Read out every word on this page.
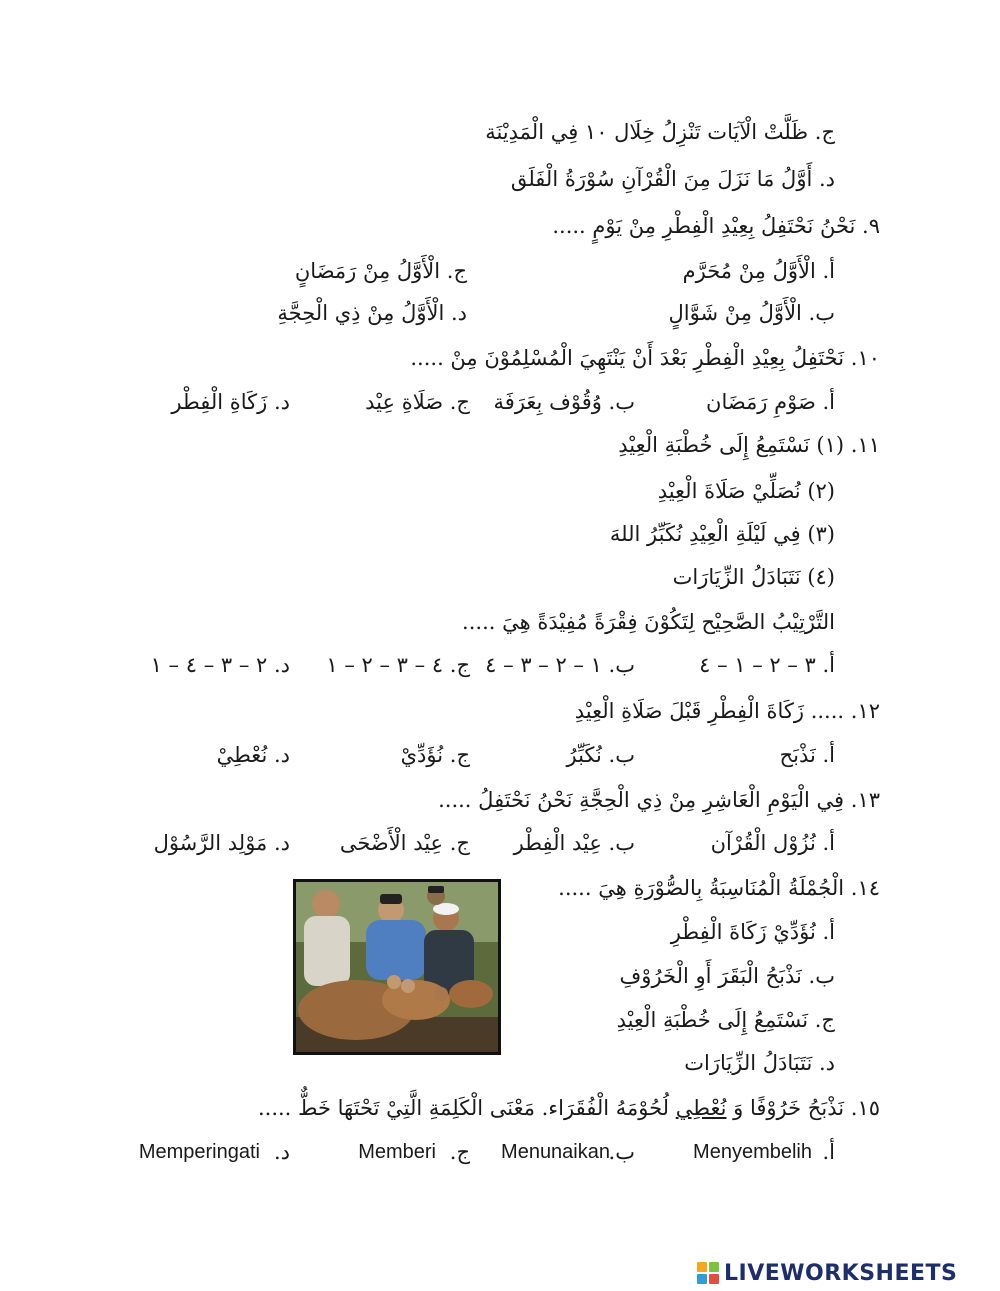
ج. ظَلَّتْ الْآيَات تَنْزِلُ خِلَال ١٠ فِي الْمَدِيْنَة
د. أَوَّلُ مَا نَزَلَ مِنَ الْقُرْآنِ سُوْرَةُ الْفَلَق
٩. نَحْنُ نَحْتَفِلُ بِعِيْدِ الْفِطْرِ مِنْ يَوْمٍ .....
أ. الْأَوَّلُ مِنْ مُحَرَّم
ج. الْأَوَّلُ مِنْ رَمَضَانٍ
ب. الْأَوَّلُ مِنْ شَوَّالٍ
د. الْأَوَّلُ مِنْ ذِي الْحِجَّةِ
١٠. نَحْتَفِلُ بِعِيْدِ الْفِطْرِ بَعْدَ أَنْ يَنْتَهِيَ الْمُسْلِمُوْنَ مِنْ .....
أ. صَوْمِ رَمَضَان
ب. وُقُوْف بِعَرَفَة
ج. صَلَاةِ عِيْد
د. زَكَاةِ الْفِطْر
١١. (١) نَسْتَمِعُ إِلَى خُطْبَةِ الْعِيْدِ
(٢) نُصَلِّيْ صَلَاةَ الْعِيْدِ
(٣) فِي لَيْلَةِ الْعِيْدِ نُكَبِّرُ اللهَ
(٤) نَتَبَادَلُ الزِّيَارَات
التَّرْتِيْبُ الصَّحِيْح لِتَكُوْنَ فِقْرَةً مُفِيْدَةً هِيَ .....
أ. ٣ – ٢ – ١ – ٤
ب. ١ – ٢ – ٣ – ٤
ج. ٤ – ٣ – ٢ – ١
د. ٢ – ٣ – ٤ – ١
١٢. ..... زَكَاةَ الْفِطْرِ قَبْلَ صَلَاةِ الْعِيْدِ
أ. نَذْبَح
ب. نُكَبِّرُ
ج. نُؤَدِّيْ
د. نُعْطِيْ
١٣. فِي الْيَوْمِ الْعَاشِرِ مِنْ ذِي الْحِجَّةِ نَحْنُ نَحْتَفِلُ .....
أ. نُزُوْل الْقُرْآن
ب. عِيْد الْفِطْر
ج. عِيْد الْأَضْحَى
د. مَوْلِد الرَّسُوْل
١٤. الْجُمْلَةُ الْمُنَاسِبَةُ بِالصُّوْرَةِ هِيَ .....
أ. نُؤَدِّيْ زَكَاةَ الْفِطْرِ
ب. نَذْبَحُ الْبَقَرَ أَوِ الْخَرُوْفِ
ج. نَسْتَمِعُ إِلَى خُطْبَةِ الْعِيْدِ
د. نَتَبَادَلُ الزِّيَارَات
١٥. نَذْبَحُ خَرُوْفًا وَ نُعْطِي لُحُوْمَهُ الْفُقَرَاء. مَعْنَى الْكَلِمَةِ الَّتِيْ تَحْتَهَا خَطٌّ .....
أ.
Menyembelih
ب.
Menunaikan
ج.
Memberi
د.
Memperingati
LIVEWORKSHEETS
